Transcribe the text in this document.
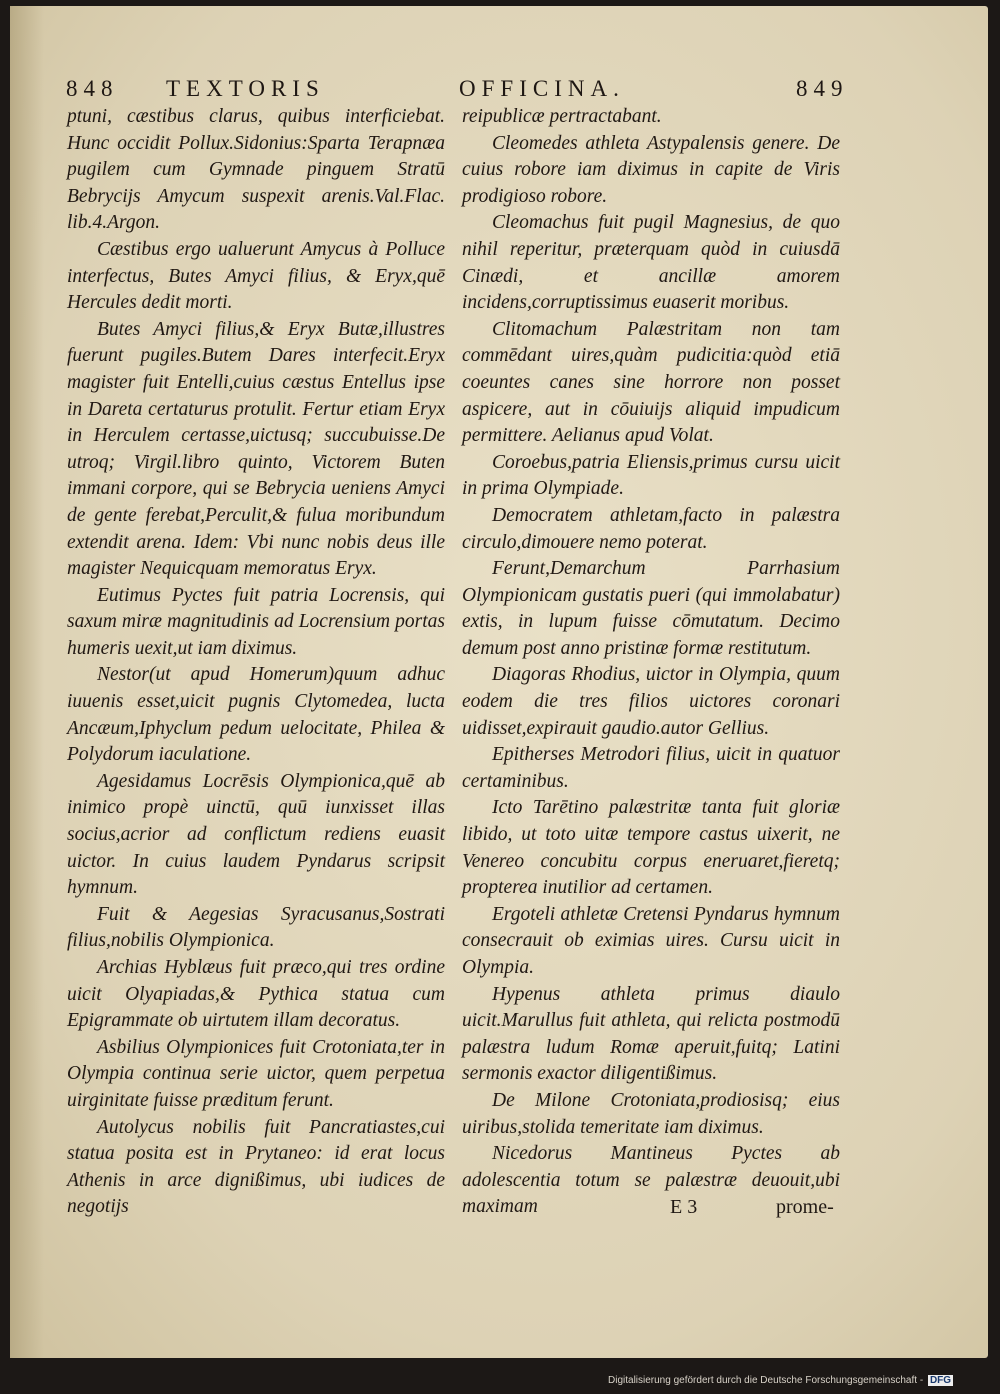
848 TEXTORIS	OFFICINA.	849

ptuni, cæstibus clarus, quibus interficiebat. Hunc occidit Pollux.Sidonius:Sparta Terapnæa pugilem cum Gymnade pinguem Stratū Bebrycijs Amycum suspexit arenis.Val.Flac. lib.4.Argon.

Cæstibus ergo ualuerunt Amycus à Polluce interfectus, Butes Amyci filius, & Eryx,quē Hercules dedit morti.

Butes Amyci filius,& Eryx Butæ,illustres fuerunt pugiles.Butem Dares interfecit.Eryx magister fuit Entelli,cuius cæstus Entellus ipse in Dareta certaturus protulit. Fertur etiam Eryx in Herculem certasse,uictusq; succubuisse.De utroq; Virgil.libro quinto, Victorem Buten immani corpore, qui se Bebrycia ueniens Amyci de gente ferebat,Perculit,& fulua moribundum extendit arena. Idem: Vbi nunc nobis deus ille magister Nequicquam memoratus Eryx.

Eutimus Pyctes fuit patria Locrensis, qui saxum miræ magnitudinis ad Locrensium portas humeris uexit,ut iam diximus.

Nestor(ut apud Homerum)quum adhuc iuuenis esset,uicit pugnis Clytomedea, lucta Ancæum,Iphyclum pedum uelocitate, Philea & Polydorum iaculatione.

Agesidamus Locrēsis Olympionica,quē ab inimico propè uinctū, quū iunxisset illas socius,acrior ad conflictum rediens euasit uictor. In cuius laudem Pyndarus scripsit hymnum.

Fuit & Aegesias Syracusanus,Sostrati filius,nobilis Olympionica.

Archias Hyblæus fuit præco,qui tres ordine uicit Olyapiadas,& Pythica statua cum Epigrammate ob uirtutem illam decoratus.

Asbilius Olympionices fuit Crotoniata,ter in Olympia continua serie uictor, quem perpetua uirginitate fuisse præditum ferunt.

Autolycus nobilis fuit Pancratiastes,cui statua posita est in Prytaneo: id erat locus Athenis in arce dignißimus, ubi iudices de negotijs

reipublicæ pertractabant.

Cleomedes athleta Astypalensis genere. De cuius robore iam diximus in capite de Viris prodigioso robore.

Cleomachus fuit pugil Magnesius, de quo nihil reperitur, præterquam quòd in cuiusdā Cinædi, et ancillæ amorem incidens,corruptissimus euaserit moribus.

Clitomachum Palæstritam non tam commēdant uires,quàm pudicitia:quòd etiā coeuntes canes sine horrore non posset aspicere, aut in cōuiuijs aliquid impudicum permittere. Aelianus apud Volat.

Coroebus,patria Eliensis,primus cursu uicit in prima Olympiade.

Democratem athletam,facto in palæstra circulo,dimouere nemo poterat.

Ferunt,Demarchum Parrhasium Olympionicam gustatis pueri (qui immolabatur) extis, in lupum fuisse cōmutatum. Decimo demum post anno pristinæ formæ restitutum.

Diagoras Rhodius, uictor in Olympia, quum eodem die tres filios uictores coronari uidisset,expirauit gaudio.autor Gellius.

Epitherses Metrodori filius, uicit in quatuor certaminibus.

Icto Tarētino palæstritæ tanta fuit gloriæ libido, ut toto uitæ tempore castus uixerit, ne Venereo concubitu corpus eneruaret,fieretq; propterea inutilior ad certamen.

Ergoteli athletæ Cretensi Pyndarus hymnum consecrauit ob eximias uires. Cursu uicit in Olympia.

Hypenus athleta primus diaulo uicit.Marullus fuit athleta, qui relicta postmodū palæstra ludum Romæ aperuit,fuitq; Latini sermonis exactor diligentißimus.

De Milone Crotoniata,prodiosisq; eius uiribus,stolida temeritate iam diximus.

Nicedorus Mantineus Pyctes ab adolescentia totum se palæstræ deuouit,ubi maximam	E 3	prome-
Digitalisierung gefördert durch die Deutsche Forschungsgemeinschaft - DFG
